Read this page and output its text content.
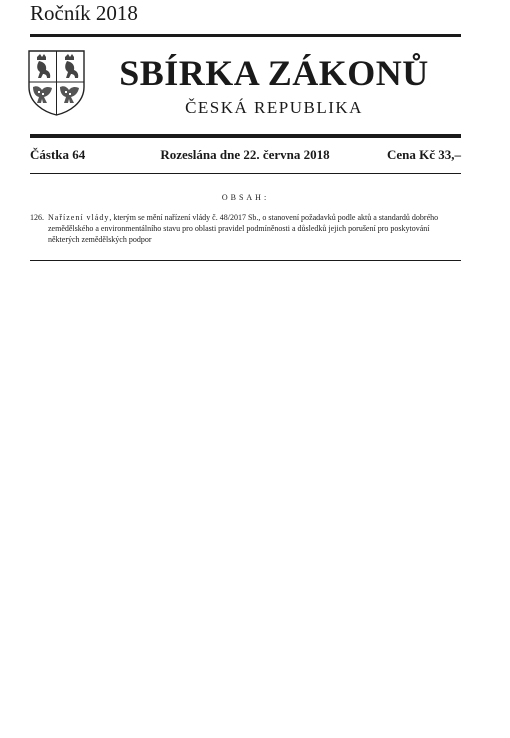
Ročník 2018
SBÍRKA ZÁKONŮ
ČESKÁ REPUBLIKA
Částka 64	Rozeslána dne 22. června 2018	Cena Kč 33,–
OBSAH:
126. Nařízení vlády, kterým se mění nařízení vlády č. 48/2017 Sb., o stanovení požadavků podle aktů a standardů dobrého zemědělského a environmentálního stavu pro oblasti pravidel podmíněnosti a důsledků jejich porušení pro poskytování některých zemědělských podpor
